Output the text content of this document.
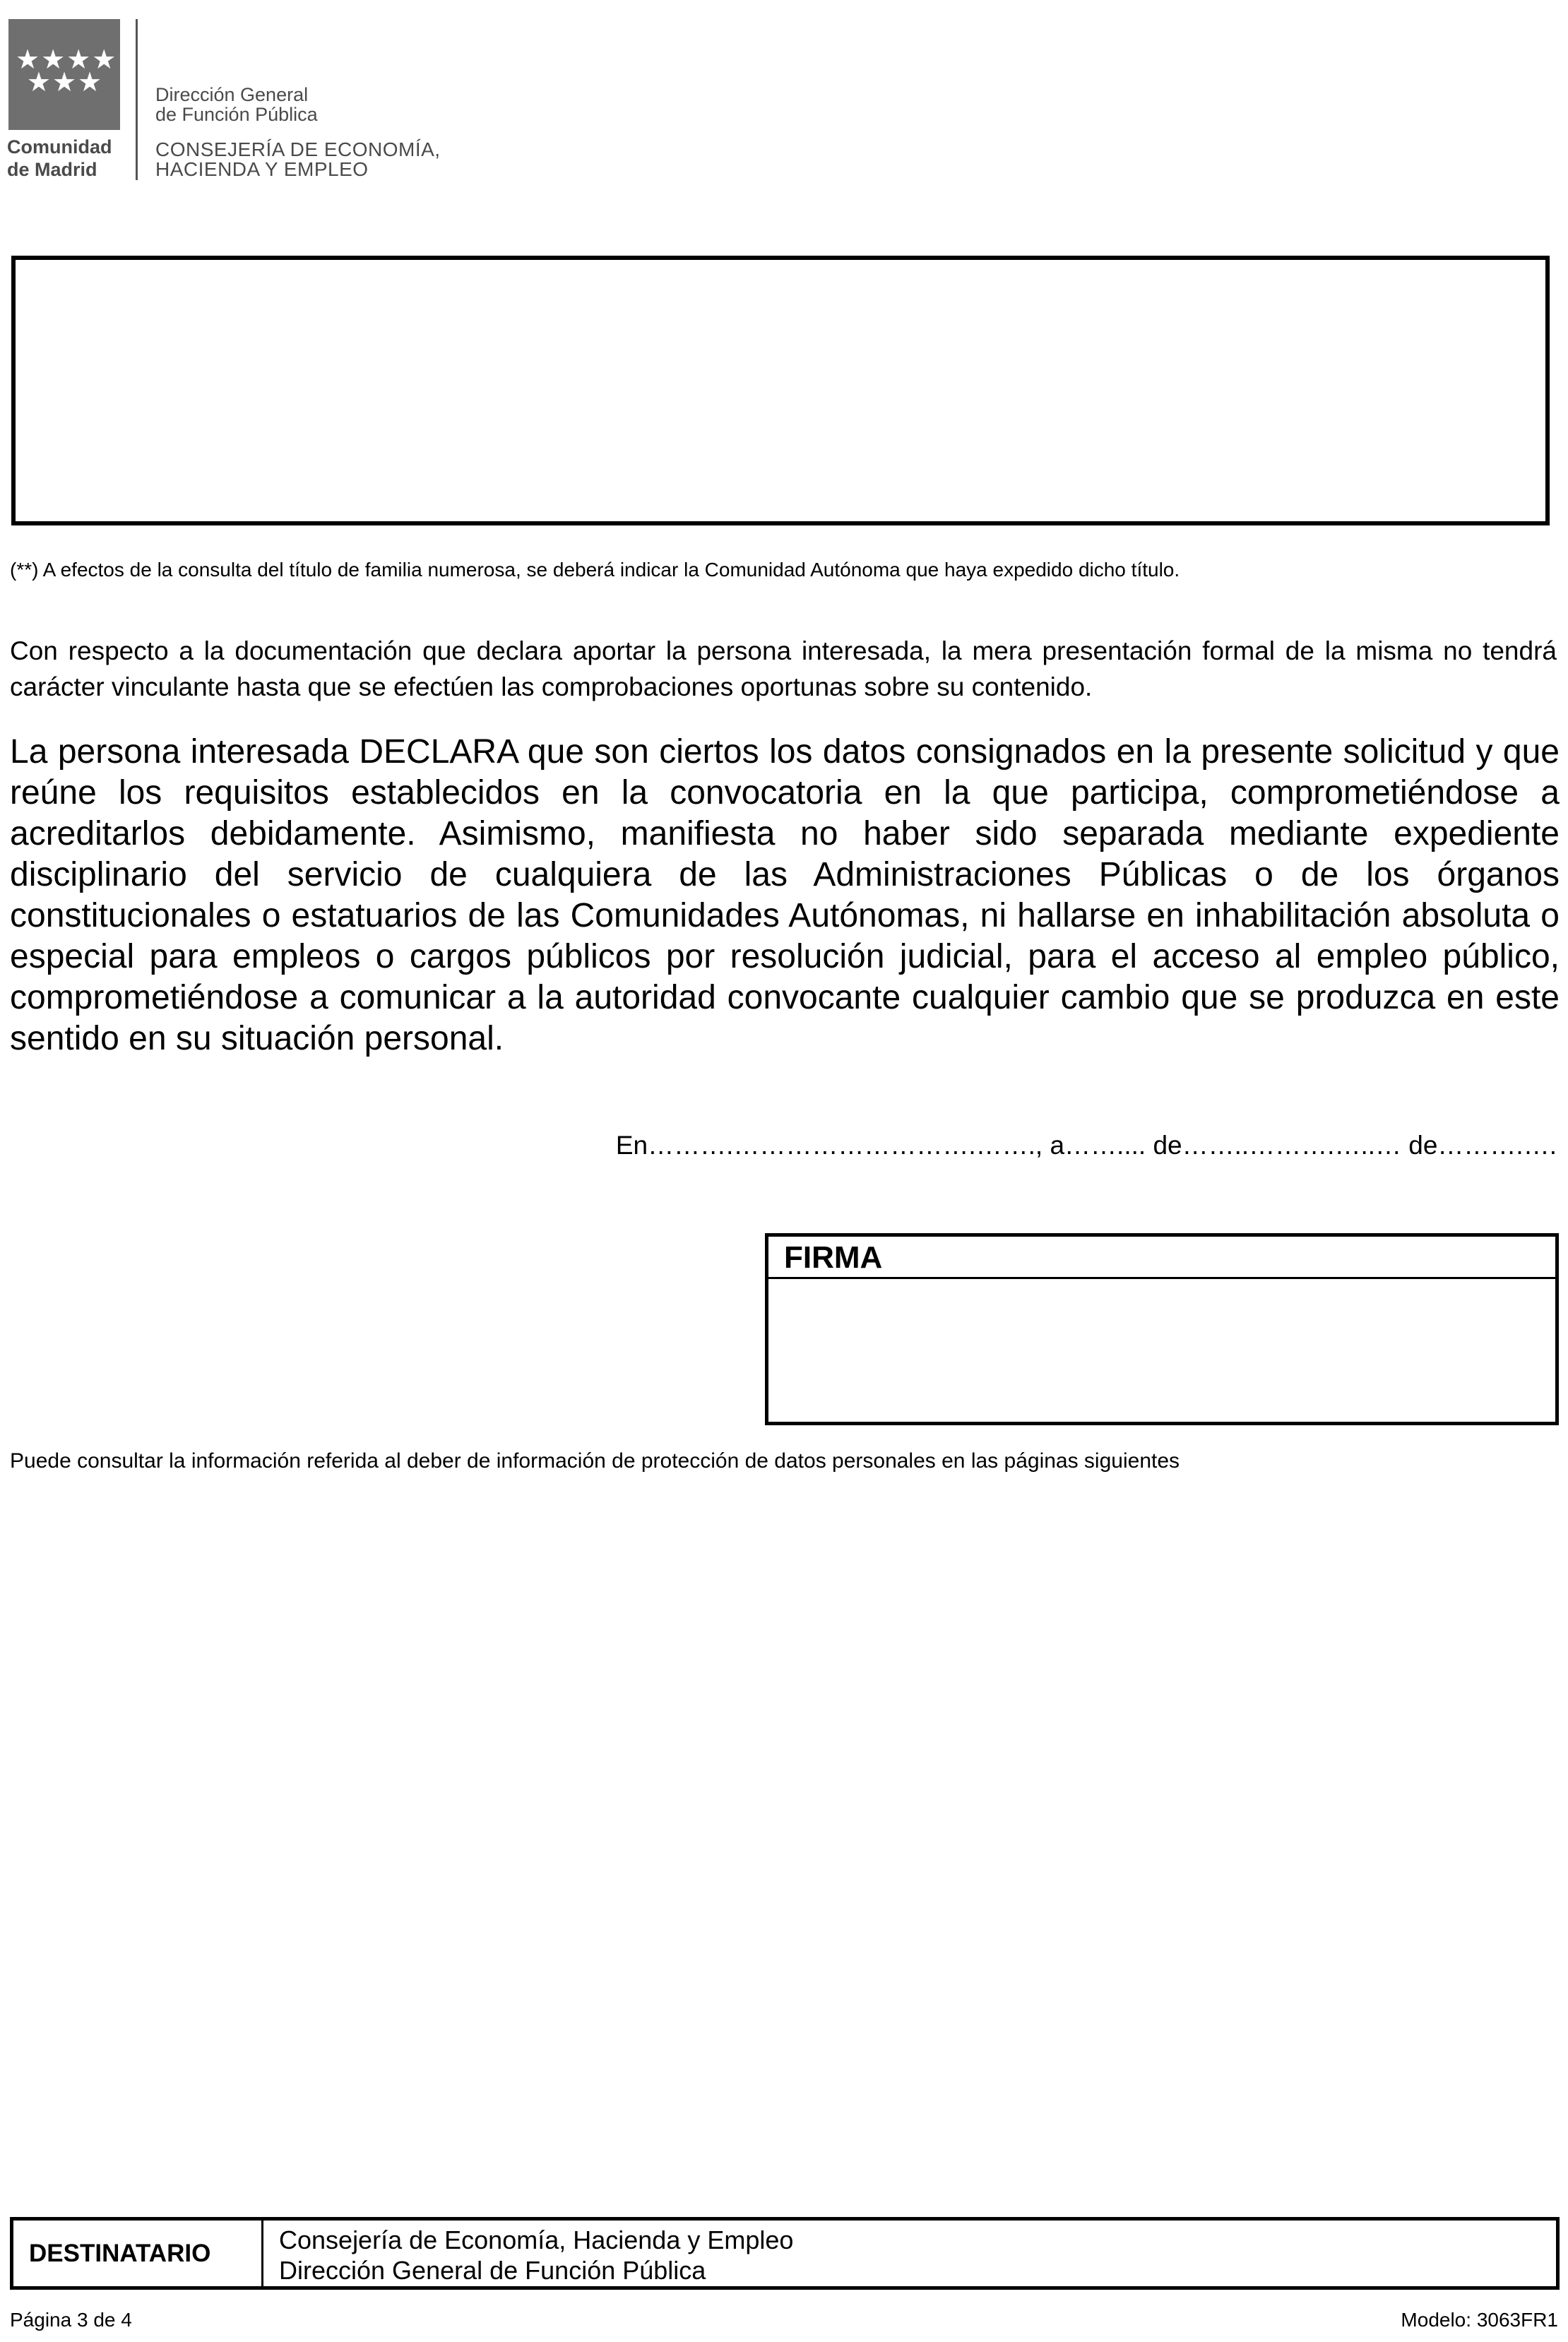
★★★★
★★★
Comunidad
de Madrid
Dirección General
de Función Pública
CONSEJERÍA DE ECONOMÍA,
HACIENDA Y EMPLEO
(**) A efectos de la consulta del título de familia numerosa, se deberá indicar la Comunidad Autónoma que haya expedido dicho título.
Con respecto a la documentación que declara aportar la persona interesada, la mera presentación formal de la misma no tendrá carácter vinculante hasta que se efectúen las comprobaciones oportunas sobre su contenido.
La persona interesada DECLARA que son ciertos los datos consignados en la presente solicitud y que reúne los requisitos establecidos en la convocatoria en la que participa, comprometiéndose a acreditarlos debidamente. Asimismo, manifiesta no haber sido separada mediante expediente disciplinario del servicio de cualquiera de las Administraciones Públicas o de los órganos constitucionales o estatuarios de las Comunidades Autónomas, ni hallarse en inhabilitación absoluta o especial para empleos o cargos públicos por resolución judicial, para el acceso al empleo público, comprometiéndose a comunicar a la autoridad convocante cualquier cambio que se produzca en este sentido en su situación personal.
En……….……………………….……., a…….... de……..……….…..… de……….….
FIRMA
Puede consultar la información referida al deber de información de protección de datos personales en las páginas siguientes
DESTINATARIO	Consejería de Economía, Hacienda y Empleo
Dirección General de Función Pública
Página 3 de 4	Modelo: 3063FR1
